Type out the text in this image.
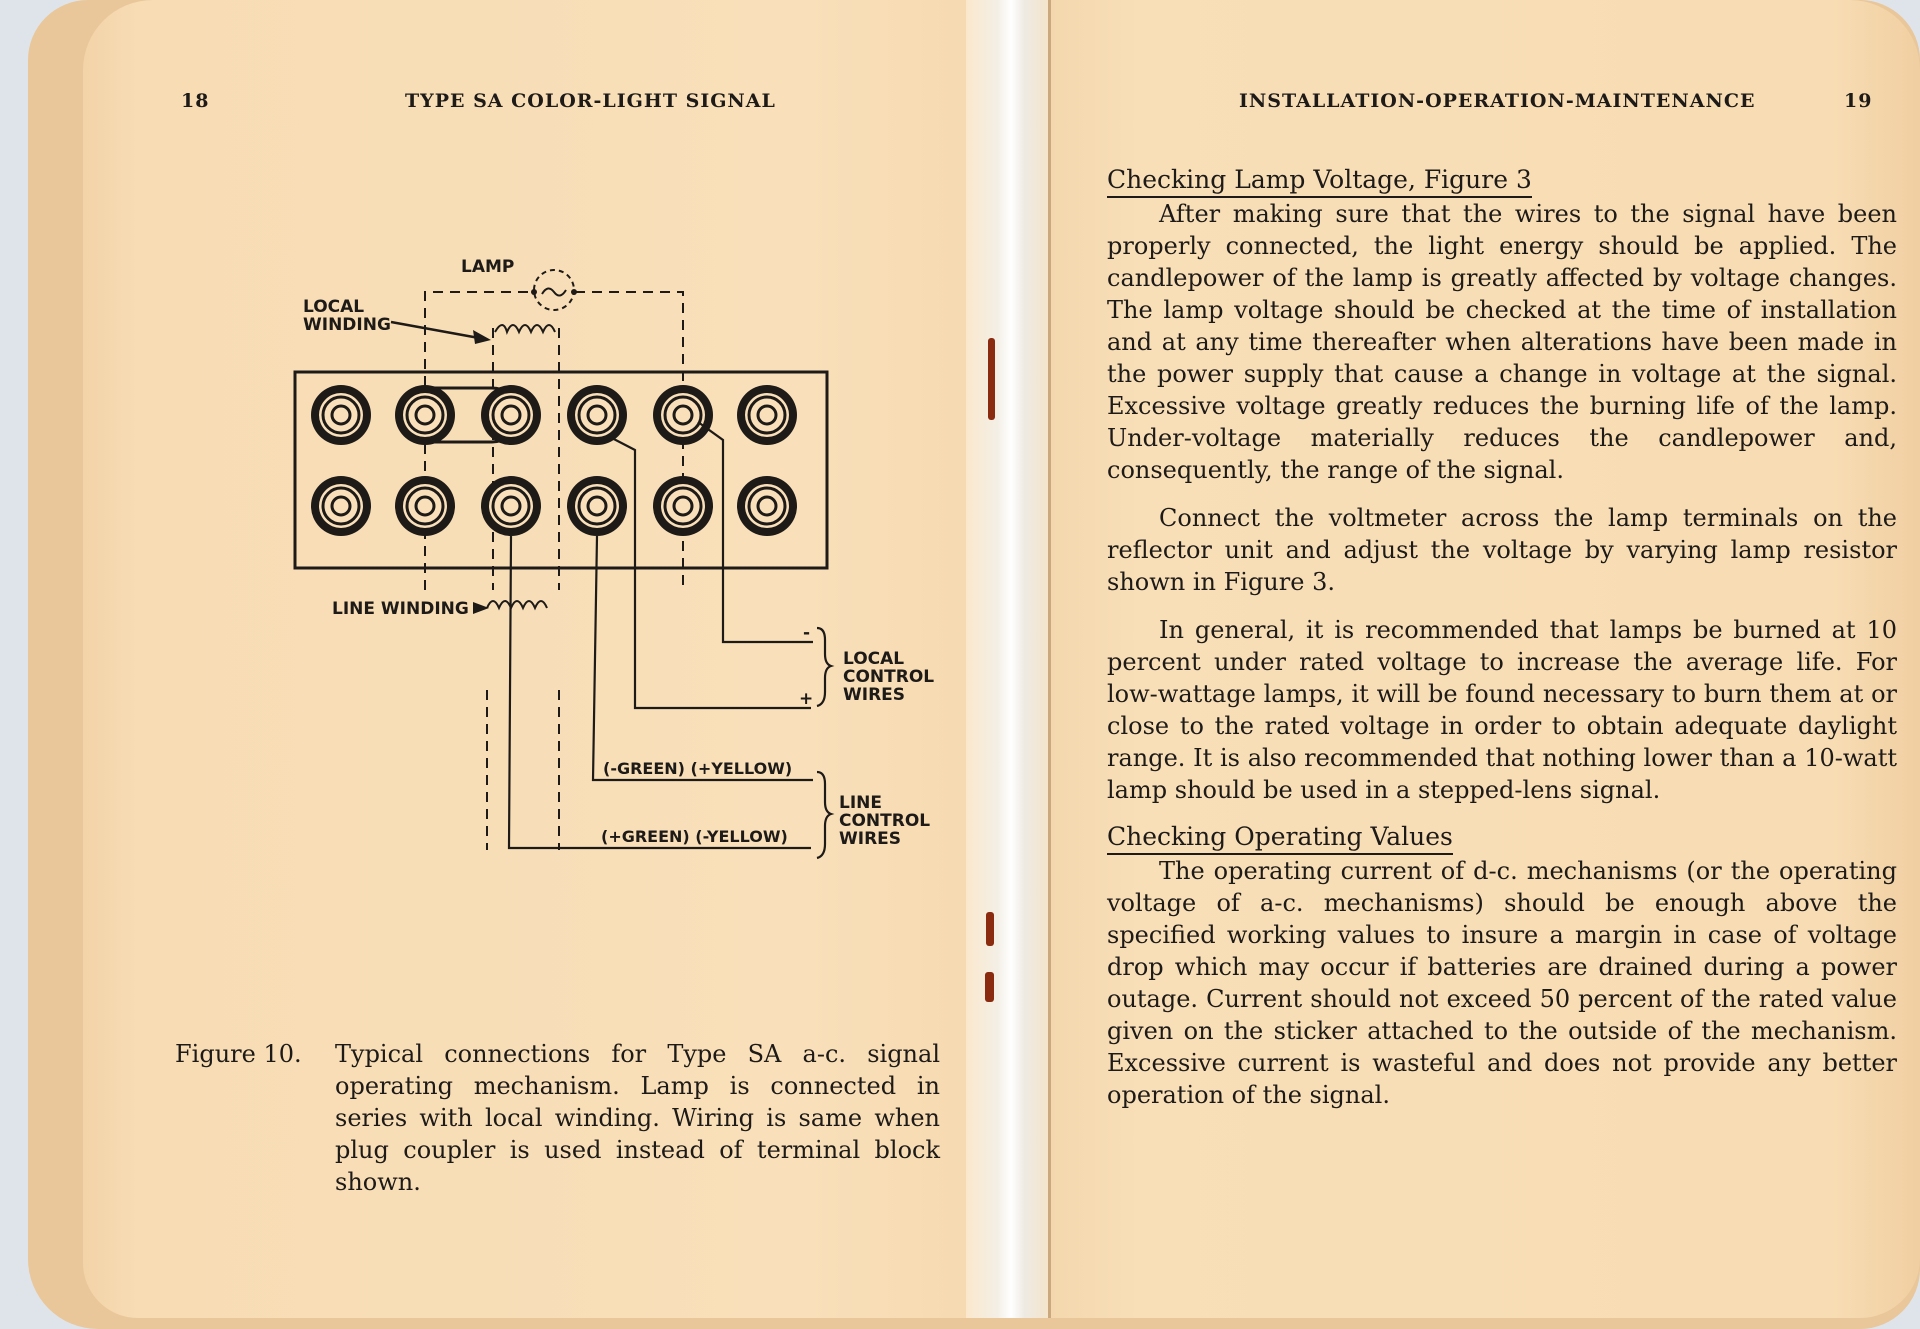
18	TYPE SA COLOR-LIGHT SIGNAL
LAMP
LOCAL
WINDING
LINE WINDING
-
+
LOCAL
CONTROL
WIRES
LINE
CONTROL
WIRES
(-GREEN) (+YELLOW)
(+GREEN) (-YELLOW)
Figure 10.	Typical connections for Type SA a-c. signal operating mechanism. Lamp is connected in series with local winding. Wiring is same when plug coupler is used instead of terminal block shown.
INSTALLATION-OPERATION-MAINTENANCE	19
Checking Lamp Voltage, Figure 3

After making sure that the wires to the signal have been properly connected, the light energy should be applied. The candlepower of the lamp is greatly affected by voltage changes. The lamp voltage should be checked at the time of installation and at any time thereafter when alterations have been made in the power supply that cause a change in voltage at the signal. Excessive voltage greatly reduces the burning life of the lamp. Under-voltage materially reduces the candlepower and, consequently, the range of the signal.

Connect the voltmeter across the lamp terminals on the reflector unit and adjust the voltage by varying lamp resistor shown in Figure 3.

In general, it is recommended that lamps be burned at 10 percent under rated voltage to increase the average life. For low-wattage lamps, it will be found necessary to burn them at or close to the rated voltage in order to obtain adequate daylight range. It is also recommended that nothing lower than a 10-watt lamp should be used in a stepped-lens signal.

Checking Operating Values

The operating current of d-c. mechanisms (or the operating voltage of a-c. mechanisms) should be enough above the specified working values to insure a margin in case of voltage drop which may occur if batteries are drained during a power outage. Current should not exceed 50 percent of the rated value given on the sticker attached to the outside of the mechanism. Excessive current is wasteful and does not provide any better operation of the signal.
